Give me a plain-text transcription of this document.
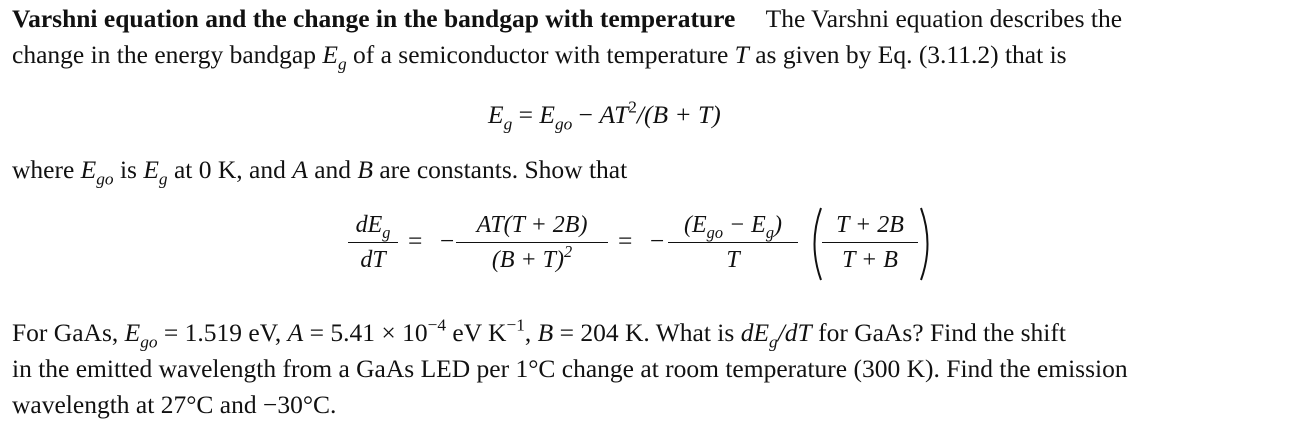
Varshni equation and the change in the bandgap with temperature The Varshni equation describes the
change in the energy bandgap $E_g$ of a semiconductor with temperature T as given by Eq. (3.11.2) that is
$E_g = E_{go} - AT^2/(B + T)$
where $E_{go}$ is $E_g$ at 0 K, and A and B are constants. Show that
$dE_g$
dT
= − $\frac{AT(T + 2B)}{(B + T)^2}$ = −
$(E_{go} - E_g)$
T	$\frac{T + 2B}{T + B}$
For GaAs, $E_{go} = 1.519$ eV, $A = 5.41 \times 10^{-4}$ eV $K^{-1}$, B = 204 K. What is $dE_g/dT$ for GaAs? Find the shift
in the emitted wavelength from a GaAs LED per 1°C change at room temperature (300 K). Find the emission
wavelength at 27°C and −30°C.
